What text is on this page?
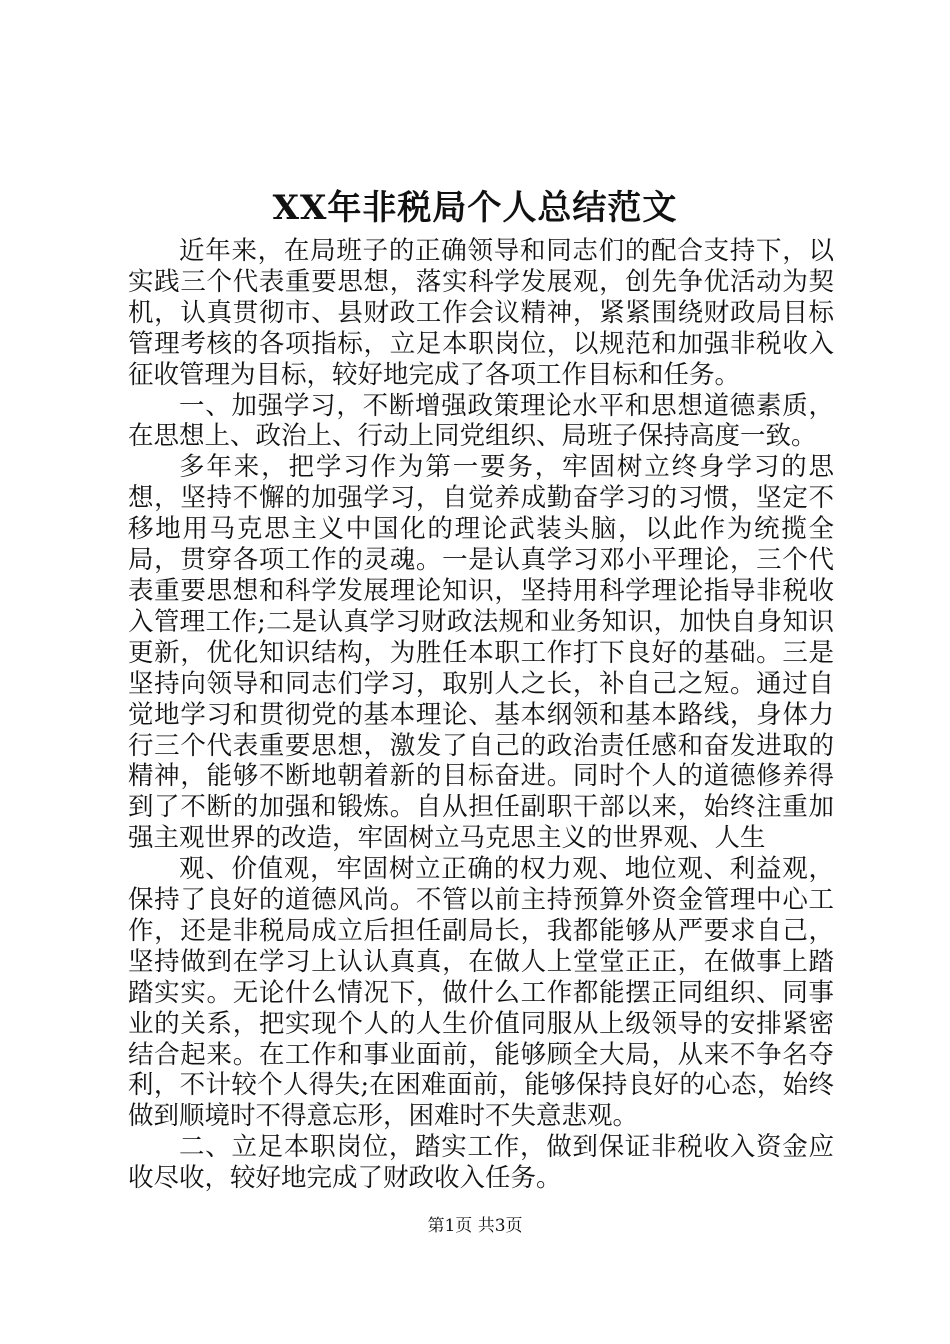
XX年非税局个人总结范文

近年来，在局班子的正确领导和同志们的配合支持下，以实践三个代表重要思想，落实科学发展观，创先争优活动为契机，认真贯彻市、县财政工作会议精神，紧紧围绕财政局目标管理考核的各项指标，立足本职岗位，以规范和加强非税收入征收管理为目标，较好地完成了各项工作目标和任务。

一、加强学习，不断增强政策理论水平和思想道德素质，在思想上、政治上、行动上同党组织、局班子保持高度一致。

多年来，把学习作为第一要务，牢固树立终身学习的思想，坚持不懈的加强学习，自觉养成勤奋学习的习惯，坚定不移地用马克思主义中国化的理论武装头脑，以此作为统揽全局，贯穿各项工作的灵魂。一是认真学习邓小平理论，三个代表重要思想和科学发展理论知识，坚持用科学理论指导非税收入管理工作;二是认真学习财政法规和业务知识，加快自身知识更新，优化知识结构，为胜任本职工作打下良好的基础。三是坚持向领导和同志们学习，取别人之长，补自己之短。通过自觉地学习和贯彻党的基本理论、基本纲领和基本路线，身体力行三个代表重要思想，激发了自己的政治责任感和奋发进取的精神，能够不断地朝着新的目标奋进。同时个人的道德修养得到了不断的加强和锻炼。自从担任副职干部以来，始终注重加强主观世界的改造，牢固树立马克思主义的世界观、人生

观、价值观，牢固树立正确的权力观、地位观、利益观，保持了良好的道德风尚。不管以前主持预算外资金管理中心工作，还是非税局成立后担任副局长，我都能够从严要求自己，坚持做到在学习上认认真真，在做人上堂堂正正，在做事上踏踏实实。无论什么情况下，做什么工作都能摆正同组织、同事业的关系，把实现个人的人生价值同服从上级领导的安排紧密结合起来。在工作和事业面前，能够顾全大局，从来不争名夺利，不计较个人得失;在困难面前，能够保持良好的心态，始终做到顺境时不得意忘形，困难时不失意悲观。

二、立足本职岗位，踏实工作，做到保证非税收入资金应收尽收，较好地完成了财政收入任务。

第1页 共3页
